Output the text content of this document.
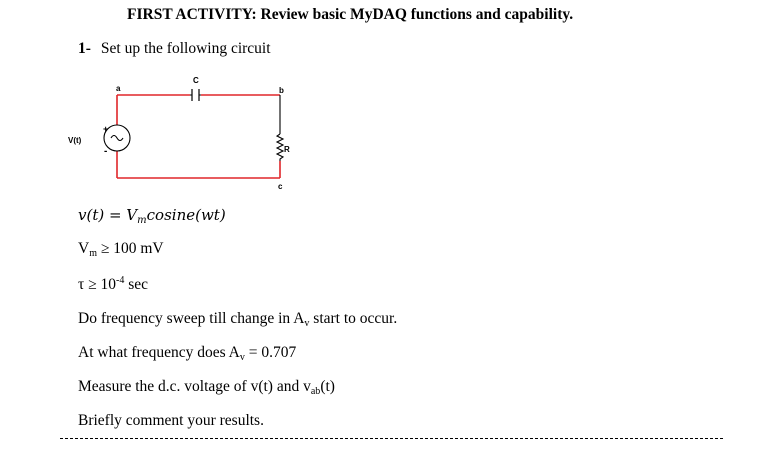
FIRST ACTIVITY: Review basic MyDAQ functions and capability.
1- Set up the following circuit
+
-
a	b
C
V(t)
R
c
$v(t) = V_mcosine(wt)$
$V_m \ge 100$ mV
$\tau \ge 10^{-4}$ sec
Do frequency sweep till change in $A_v$ start to occur.
At what frequency does $A_v = 0.707$
Measure the d.c. voltage of v(t) and $v_{ab}(t)$
Briefly comment your results.
